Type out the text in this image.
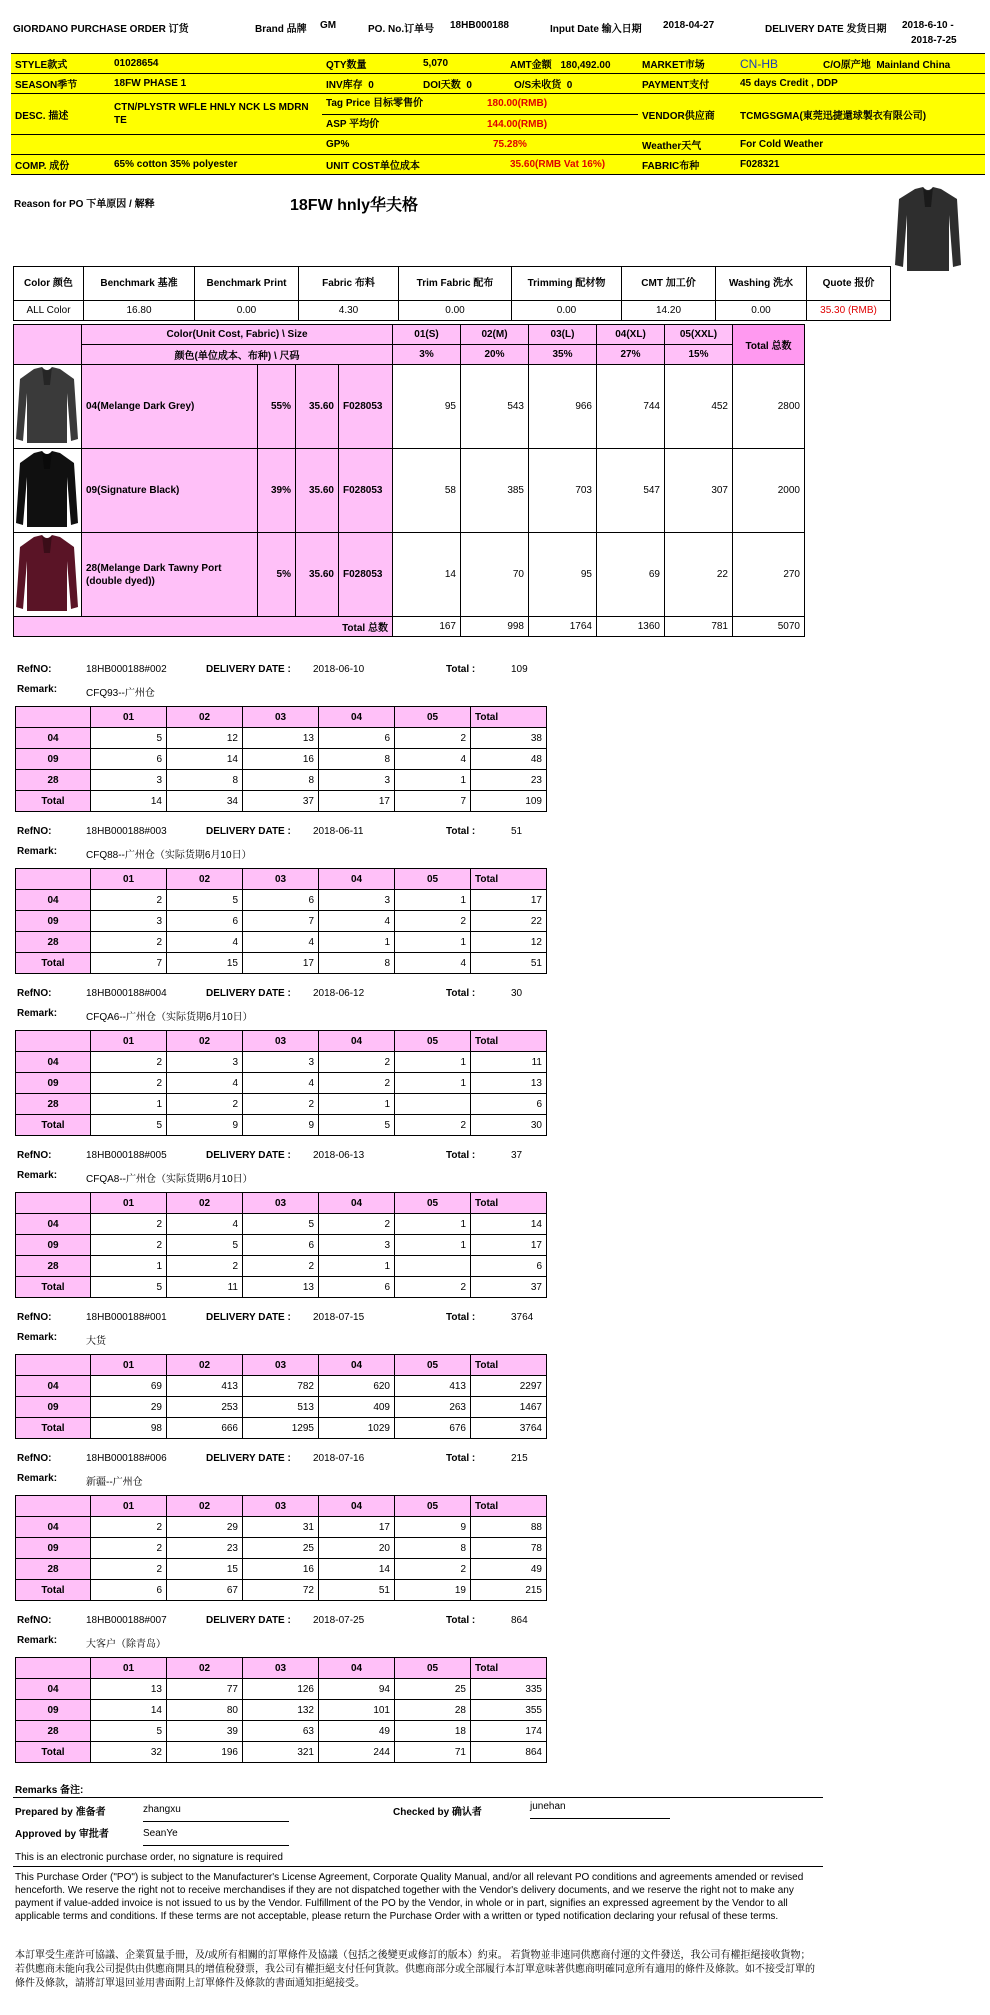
GIORDANO PURCHASE ORDER 订货	Brand 品牌 GM	PO. No.订单号 18HB000188	Input Date 输入日期 2018-04-27	DELIVERY DATE 发货日期 2018-6-10 -
2018-7-25
STYLE款式	01028654	QTY数量	5,070	AMT金额 180,492.00	MARKET市场	CN-HB	C/O原产地 Mainland China
SEASON季节	18FW PHASE 1	INV库存 0	DOI天数 0	O/S未收货 0	PAYMENT支付	45 days Credit , DDP	
DESC. 描述	CTN/PLYSTR WFLE HNLY NCK LS MDRN TE	Tag Price 目标零售价 180.00(RMB)
ASP 平均价 144.00(RMB)			VENDOR供应商	TCMGSGMA(東莞迅捷還球製衣有限公司)	
		GP%	75.28%		Weather天气	For Cold Weather	
COMP. 成份	65% cotton 35% polyester	UNIT COST单位成本		35.60(RMB Vat 16%)	FABRIC布种	F028321	
Reason for PO 下单原因 / 解释	18FW hnly华夫格
Color 颜色	Benchmark 基准	Benchmark Print	Fabric 布料	Trim Fabric 配布	Trimming 配材物	CMT 加工价	Washing 洗水	Quote 报价
ALL Color	16.80	0.00	4.30	0.00	0.00	14.20	0.00	35.30 (RMB)
	Color(Unit Cost, Fabric) \ Size				01(S)	02(M)	03(L)	04(XL)	05(XXL)	Total 总数
	颜色(单位成本、布种) \ 尺码				3%	20%	35%	27%	15%	
	04(Melange Dark Grey)	55%	35.60	F028053	95	543	966	744	452	2800
	09(Signature Black)	39%	35.60	F028053	58	385	703	547	307	2000
	28(Melange Dark Tawny Port (double dyed))	5%	35.60	F028053	14	70	95	69	22	270
Total 总数					167	998	1764	1360	781	5070
RefNO:	18HB000188#002	DELIVERY DATE : 2018-06-10	Total :	109
Remark:	CFQ93--广州仓
	01	02	03	04	05	Total
04	5	12	13	6	2	38
09	6	14	16	8	4	48
28	3	8	8	3	1	23
Total	14	34	37	17	7	109
RefNO:	18HB000188#003	DELIVERY DATE : 2018-06-11	Total :	51
Remark:	CFQ88--广州仓（实际货期6月10日）
	01	02	03	04	05	Total
04	2	5	6	3	1	17
09	3	6	7	4	2	22
28	2	4	4	1	1	12
Total	7	15	17	8	4	51
RefNO:	18HB000188#004	DELIVERY DATE : 2018-06-12	Total :	30
Remark:	CFQA6--广州仓（实际货期6月10日）
	01	02	03	04	05	Total
04	2	3	3	2	1	11
09	2	4	4	2	1	13
28	1	2	2	1		6
Total	5	9	9	5	2	30
RefNO:	18HB000188#005	DELIVERY DATE : 2018-06-13	Total :	37
Remark:	CFQA8--广州仓（实际货期6月10日）
	01	02	03	04	05	Total
04	2	4	5	2	1	14
09	2	5	6	3	1	17
28	1	2	2	1		6
Total	5	11	13	6	2	37
RefNO:	18HB000188#001	DELIVERY DATE : 2018-07-15	Total :	3764
Remark:	大货
	01	02	03	04	05	Total
04	69	413	782	620	413	2297
09	29	253	513	409	263	1467
Total	98	666	1295	1029	676	3764
RefNO:	18HB000188#006	DELIVERY DATE : 2018-07-16	Total :	215
Remark:	新疆--广州仓
	01	02	03	04	05	Total
04	2	29	31	17	9	88
09	2	23	25	20	8	78
28	2	15	16	14	2	49
Total	6	67	72	51	19	215
RefNO:	18HB000188#007	DELIVERY DATE : 2018-07-25	Total :	864
Remark:	大客户（除青岛）
	01	02	03	04	05	Total
04	13	77	126	94	25	335
09	14	80	132	101	28	355
28	5	39	63	49	18	174
Total	32	196	321	244	71	864
Remarks 备注:
Prepared by 准备者	zhangxu	Checked by 确认者
junehan
Approved by 审批者	SeanYe
This is an electronic purchase order, no signature is required
This Purchase Order ("PO") is subject to the Manufacturer's License Agreement, Corporate Quality Manual, and/or all relevant PO conditions and agreements amended or revised henceforth. We reserve the right not to receive merchandises if they are not dispatched together with the Vendor's delivery documents, and we reserve the right not to make any payment if value-added invoice is not issued to us by the Vendor. Fulfillment of the PO by the Vendor, in whole or in part, signifies an expressed agreement by the Vendor to all applicable terms and conditions. If these terms are not acceptable, please return the Purchase Order with a written or typed notification declaring your refusal of these terms.
本訂單受生產許可協議、企業質量手冊，及/或所有相關的訂單條件及協議（包括之後變更或修訂的版本）約束。 若貨物並非連同供應商付運的文件發送，我公司有權拒絕接收貨物；若供應商未能向我公司提供由供應商開具的增值稅發票，我公司有權拒絕支付任何貨款。供應商部分或全部履行本訂單意味著供應商明確同意所有適用的條件及條款。如不接受訂單的條件及條款，請將訂單退回並用書面附上訂單條件及條款的書面通知拒絕接受。
